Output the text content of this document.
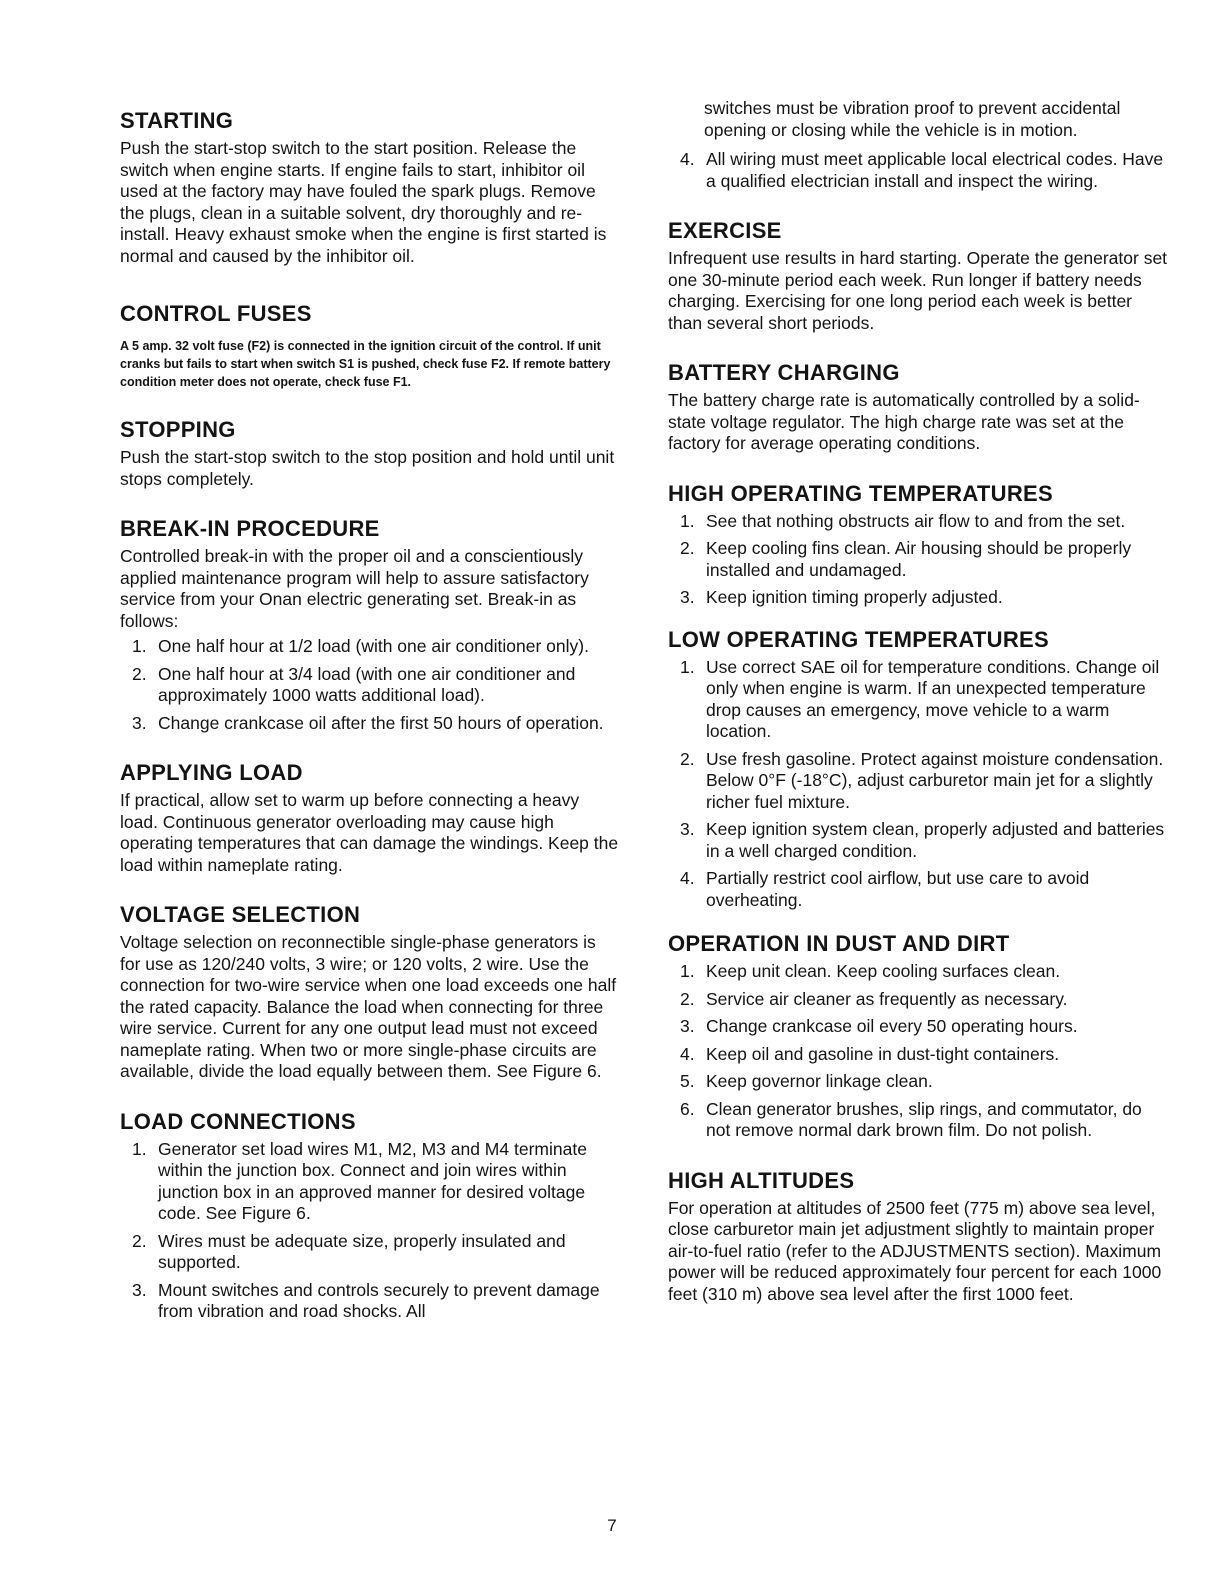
STARTING

Push the start-stop switch to the start position. Release the switch when engine starts. If engine fails to start, inhibitor oil used at the factory may have fouled the spark plugs. Remove the plugs, clean in a suitable solvent, dry thoroughly and re-install. Heavy exhaust smoke when the engine is first started is normal and caused by the inhibitor oil.

CONTROL FUSES

A 5 amp. 32 volt fuse (F2) is connected in the ignition circuit of the control. If unit cranks but fails to start when switch S1 is pushed, check fuse F2. If remote battery condition meter does not operate, check fuse F1.

STOPPING

Push the start-stop switch to the stop position and hold until unit stops completely.

BREAK-IN PROCEDURE

Controlled break-in with the proper oil and a conscientiously applied maintenance program will help to assure satisfactory service from your Onan electric generating set. Break-in as follows:

1. One half hour at 1/2 load (with one air conditioner only).
2. One half hour at 3/4 load (with one air conditioner and approximately 1000 watts additional load).
3. Change crankcase oil after the first 50 hours of operation.
APPLYING LOAD

If practical, allow set to warm up before connecting a heavy load. Continuous generator overloading may cause high operating temperatures that can damage the windings. Keep the load within nameplate rating.

VOLTAGE SELECTION

Voltage selection on reconnectible single-phase generators is for use as 120/240 volts, 3 wire; or 120 volts, 2 wire. Use the connection for two-wire service when one load exceeds one half the rated capacity. Balance the load when connecting for three wire service. Current for any one output lead must not exceed nameplate rating. When two or more single-phase circuits are available, divide the load equally between them. See Figure 6.

LOAD CONNECTIONS
1. Generator set load wires M1, M2, M3 and M4 terminate within the junction box. Connect and join wires within junction box in an approved manner for desired voltage code. See Figure 6.
2. Wires must be adequate size, properly insulated and supported.
3. Mount switches and controls securely to prevent damage from vibration and road shocks. All

switches must be vibration proof to prevent accidental opening or closing while the vehicle is in motion.

4. All wiring must meet applicable local electrical codes. Have a qualified electrician install and inspect the wiring.
EXERCISE

Infrequent use results in hard starting. Operate the generator set one 30-minute period each week. Run longer if battery needs charging. Exercising for one long period each week is better than several short periods.

BATTERY CHARGING

The battery charge rate is automatically controlled by a solid-state voltage regulator. The high charge rate was set at the factory for average operating conditions.

HIGH OPERATING TEMPERATURES
1. See that nothing obstructs air flow to and from the set.
2. Keep cooling fins clean. Air housing should be properly installed and undamaged.
3. Keep ignition timing properly adjusted.
LOW OPERATING TEMPERATURES
1. Use correct SAE oil for temperature conditions. Change oil only when engine is warm. If an unexpected temperature drop causes an emergency, move vehicle to a warm location.
2. Use fresh gasoline. Protect against moisture condensation. Below 0°F (-18°C), adjust carburetor main jet for a slightly richer fuel mixture.
3. Keep ignition system clean, properly adjusted and batteries in a well charged condition.
4. Partially restrict cool airflow, but use care to avoid overheating.
OPERATION IN DUST AND DIRT
1. Keep unit clean. Keep cooling surfaces clean.
2. Service air cleaner as frequently as necessary.
3. Change crankcase oil every 50 operating hours.
4. Keep oil and gasoline in dust-tight containers.
5. Keep governor linkage clean.
6. Clean generator brushes, slip rings, and commutator, do not remove normal dark brown film. Do not polish.
HIGH ALTITUDES

For operation at altitudes of 2500 feet (775 m) above sea level, close carburetor main jet adjustment slightly to maintain proper air-to-fuel ratio (refer to the ADJUSTMENTS section). Maximum power will be reduced approximately four percent for each 1000 feet (310 m) above sea level after the first 1000 feet.

7
